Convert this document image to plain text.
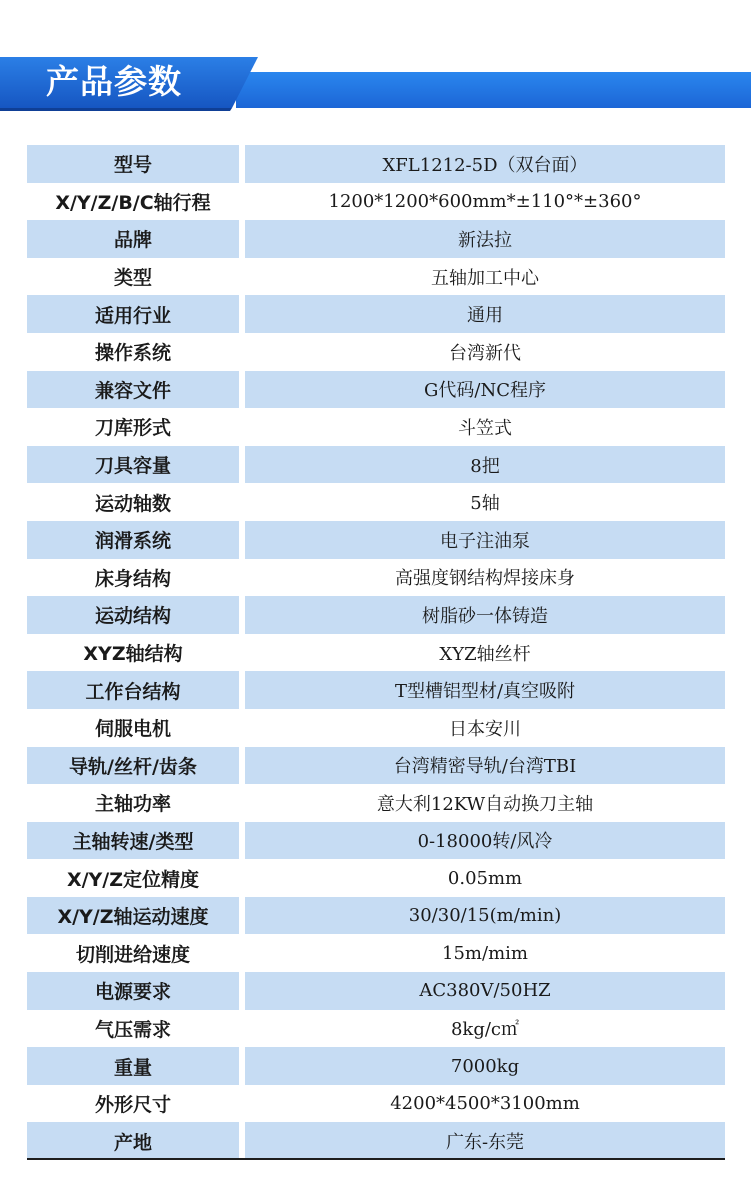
产品参数
型号	XFL1212-5D（双台面）
X/Y/Z/B/C轴行程	1200*1200*600mm*±110°*±360°
品牌	新法拉
类型	五轴加工中心
适用行业	通用
操作系统	台湾新代
兼容文件	G代码/NC程序
刀库形式	斗笠式
刀具容量	8把
运动轴数	5轴
润滑系统	电子注油泵
床身结构	高强度钢结构焊接床身
运动结构	树脂砂一体铸造
XYZ轴结构	XYZ轴丝杆
工作台结构	T型槽铝型材/真空吸附
伺服电机	日本安川
导轨/丝杆/齿条	台湾精密导轨/台湾TBI
主轴功率	意大利12KW自动换刀主轴
主轴转速/类型	0-18000转/风冷
X/Y/Z定位精度	0.05mm
X/Y/Z轴运动速度	30/30/15(m/min)
切削进给速度	15m/mim
电源要求	AC380V/50HZ
气压需求	8kg/c㎡
重量	7000kg
外形尺寸	4200*4500*3100mm
产地	广东-东莞
